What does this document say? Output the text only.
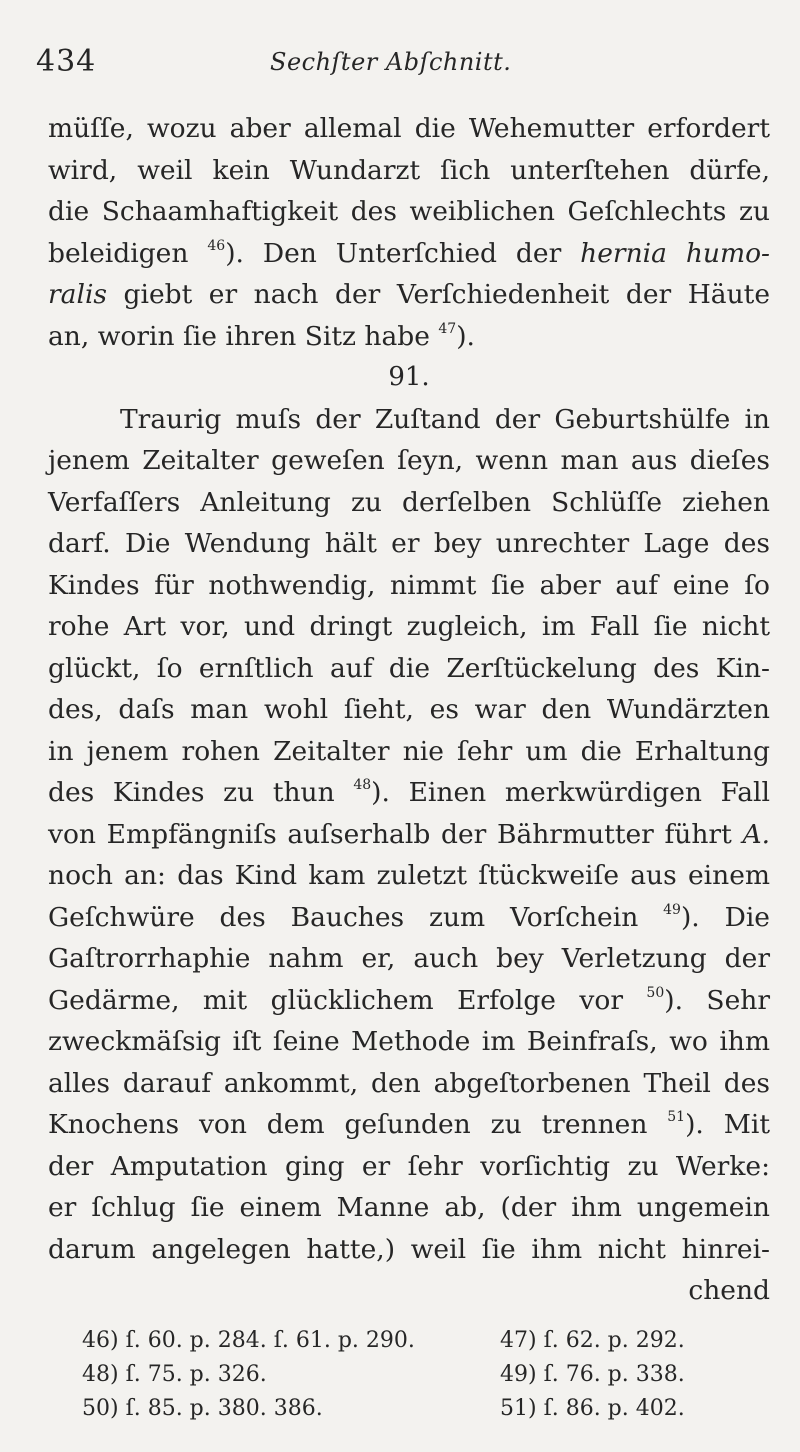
434	Sechſter Abſchnitt.
müſſe, wozu aber allemal die Wehemutter erfordert
wird, weil kein Wundarzt ſich unterſtehen dürfe,
die Schaamhaftigkeit des weiblichen Geſchlechts zu
beleidigen $^{46}$). Den Unterſchied der hernia humo-
ralis giebt er nach der Verſchiedenheit der Häute
an, worin ſie ihren Sitz habe $^{47}$).
91.
Traurig muſs der Zuſtand der Geburtshülfe in
jenem Zeitalter geweſen ſeyn, wenn man aus dieſes
Verfaſſers Anleitung zu derſelben Schlüſſe ziehen
darf. Die Wendung hält er bey unrechter Lage des
Kindes für nothwendig, nimmt ſie aber auf eine ſo
rohe Art vor, und dringt zugleich, im Fall ſie nicht
glückt, ſo ernſtlich auf die Zerſtückelung des Kin-
des, daſs man wohl ſieht, es war den Wundärzten
in jenem rohen Zeitalter nie ſehr um die Erhaltung
des Kindes zu thun $^{48}$). Einen merkwürdigen Fall
von Empfängniſs auſserhalb der Bährmutter führt A.
noch an: das Kind kam zuletzt ſtückweiſe aus einem
Geſchwüre des Bauches zum Vorſchein $^{49}$). Die
Gaſtrorrhaphie nahm er, auch bey Verletzung der
Gedärme, mit glücklichem Erfolge vor $^{50}$). Sehr
zweckmäſsig iſt ſeine Methode im Beinfraſs, wo ihm
alles darauf ankommt, den abgeſtorbenen Theil des
Knochens von dem geſunden zu trennen $^{51}$). Mit
der Amputation ging er ſehr vorſichtig zu Werke:
er ſchlug ſie einem Manne ab, (der ihm ungemein
darum angelegen hatte,) weil ſie ihm nicht hinrei-
chend
46) ſ. 60. p. 284. ſ. 61. p. 290.	47) ſ. 62. p. 292.
48) ſ. 75. p. 326.	49) ſ. 76. p. 338.
50) ſ. 85. p. 380. 386.	51) ſ. 86. p. 402.
